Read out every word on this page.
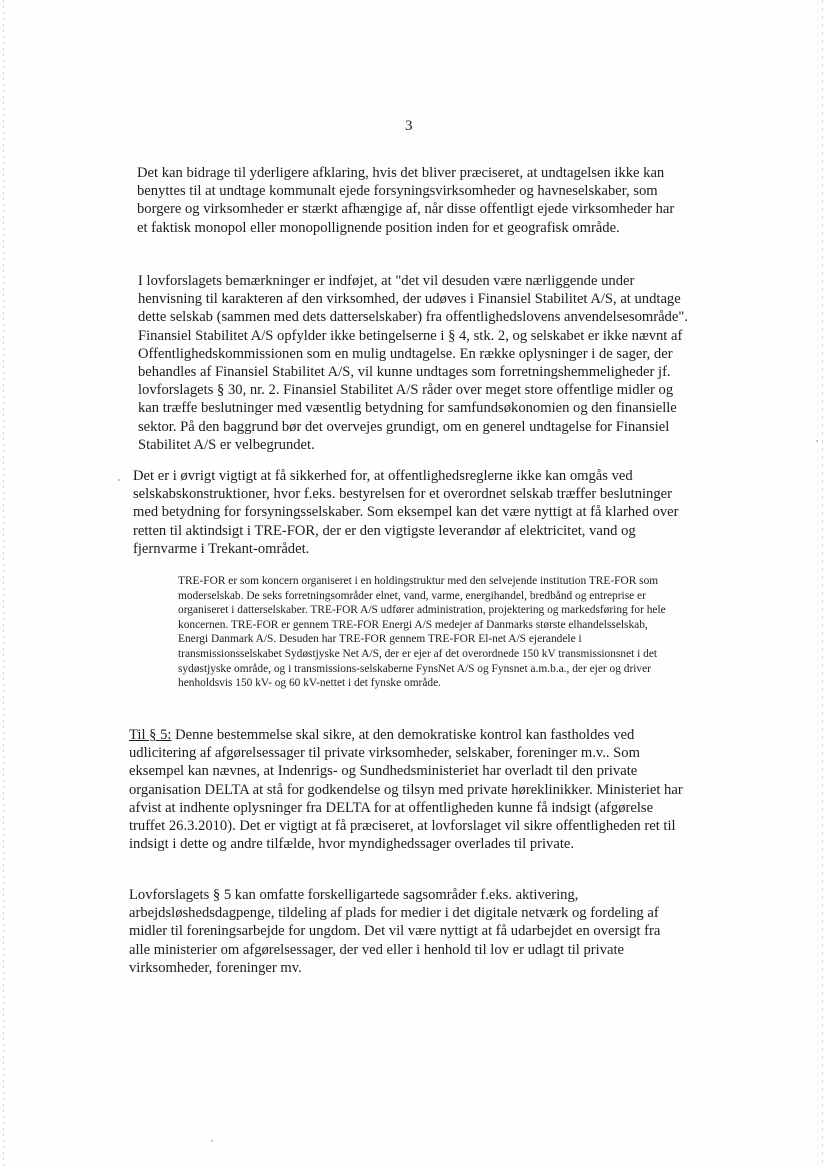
3
Det kan bidrage til yderligere afklaring, hvis det bliver præciseret, at undtagelsen ikke kan benyttes til at undtage kommunalt ejede forsyningsvirksomheder og havneselskaber, som borgere og virksomheder er stærkt afhængige af, når disse offentligt ejede virksomheder har et faktisk monopol eller monopollignende position inden for et geografisk område.
I lovforslagets bemærkninger er indføjet, at "det vil desuden være nærliggende under henvisning til karakteren af den virksomhed, der udøves i Finansiel Stabilitet A/S, at undtage dette selskab (sammen med dets datterselskaber) fra offentlighedslovens anvendelsesområde". Finansiel Stabilitet A/S opfylder ikke betingelserne i § 4, stk. 2, og selskabet er ikke nævnt af Offentlighedskommissionen som en mulig undtagelse. En række oplysninger i de sager, der behandles af Finansiel Stabilitet A/S, vil kunne undtages som forretningshemmeligheder jf. lovforslagets § 30, nr. 2. Finansiel Stabilitet A/S råder over meget store offentlige midler og kan træffe beslutninger med væsentlig betydning for samfundsøkonomien og den finansielle sektor. På den baggrund bør det overvejes grundigt, om en generel undtagelse for Finansiel Stabilitet A/S er velbegrundet.
Det er i øvrigt vigtigt at få sikkerhed for, at offentlighedsreglerne ikke kan omgås ved selskabskonstruktioner, hvor f.eks. bestyrelsen for et overordnet selskab træffer beslutninger med betydning for forsyningsselskaber. Som eksempel kan det være nyttigt at få klarhed over retten til aktindsigt i TRE-FOR, der er den vigtigste leverandør af elektricitet, vand og fjernvarme i Trekant-området.
TRE-FOR er som koncern organiseret i en holdingstruktur med den selvejende institution TRE-FOR som moderselskab. De seks forretningsområder elnet, vand, varme, energihandel, bredbånd og entreprise er organiseret i datterselskaber. TRE-FOR A/S udfører administration, projektering og markedsføring for hele koncernen. TRE-FOR er gennem TRE-FOR Energi A/S medejer af Danmarks største elhandelsselskab, Energi Danmark A/S. Desuden har TRE-FOR gennem TRE-FOR El-net A/S ejerandele i transmissionsselskabet Sydøstjyske Net A/S, der er ejer af det overordnede 150 kV transmissionsnet i det sydøstjyske område, og i transmissions-selskaberne FynsNet A/S og Fynsnet a.m.b.a., der ejer og driver henholdsvis 150 kV- og 60 kV-nettet i det fynske område.
Til § 5: Denne bestemmelse skal sikre, at den demokratiske kontrol kan fastholdes ved udlicitering af afgørelsessager til private virksomheder, selskaber, foreninger m.v.. Som eksempel kan nævnes, at Indenrigs- og Sundhedsministeriet har overladt til den private organisation DELTA at stå for godkendelse og tilsyn med private høreklinikker. Ministeriet har afvist at indhente oplysninger fra DELTA for at offentligheden kunne få indsigt (afgørelse truffet 26.3.2010). Det er vigtigt at få præciseret, at lovforslaget vil sikre offentligheden ret til indsigt i dette og andre tilfælde, hvor myndighedssager overlades til private.
Lovforslagets § 5 kan omfatte forskelligartede sagsområder f.eks. aktivering, arbejdsløshedsdagpenge, tildeling af plads for medier i det digitale netværk og fordeling af midler til foreningsarbejde for ungdom. Det vil være nyttigt at få udarbejdet en oversigt fra alle ministerier om afgørelsessager, der ved eller i henhold til lov er udlagt til private virksomheder, foreninger mv.
